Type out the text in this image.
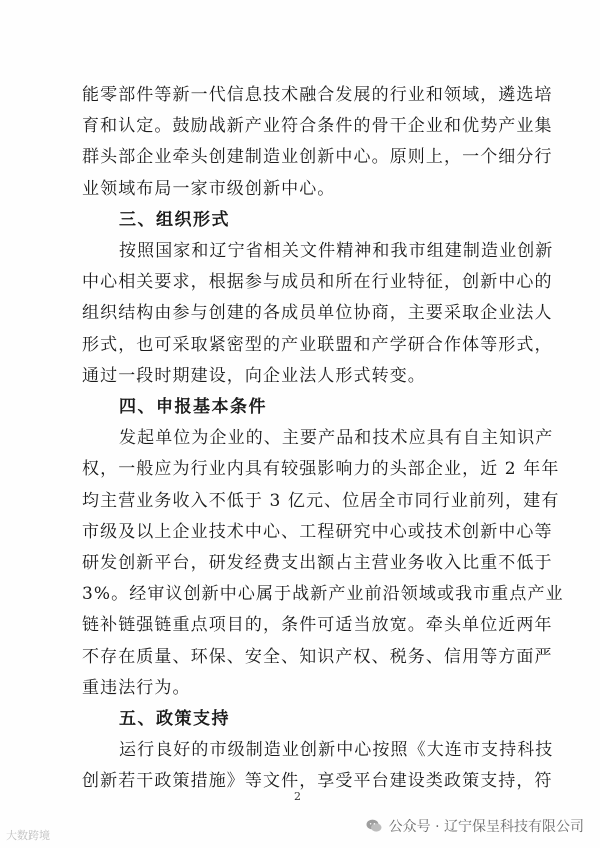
能零部件等新一代信息技术融合发展的行业和领域，遴选培
育和认定。鼓励战新产业符合条件的骨干企业和优势产业集
群头部企业牵头创建制造业创新中心。原则上，一个细分行
业领域布局一家市级创新中心。
三、组织形式
按照国家和辽宁省相关文件精神和我市组建制造业创新
中心相关要求，根据参与成员和所在行业特征，创新中心的
组织结构由参与创建的各成员单位协商，主要采取企业法人
形式，也可采取紧密型的产业联盟和产学研合作体等形式，
通过一段时期建设，向企业法人形式转变。
四、申报基本条件
发起单位为企业的、主要产品和技术应具有自主知识产
权，一般应为行业内具有较强影响力的头部企业，近 2 年年
均主营业务收入不低于 3 亿元、位居全市同行业前列，建有
市级及以上企业技术中心、工程研究中心或技术创新中心等
研发创新平台，研发经费支出额占主营业务收入比重不低于
3%。经审议创新中心属于战新产业前沿领域或我市重点产业
链补链强链重点项目的，条件可适当放宽。牵头单位近两年
不存在质量、环保、安全、知识产权、税务、信用等方面严
重违法行为。
五、政策支持
运行良好的市级制造业创新中心按照《大连市支持科技
创新若干政策措施》等文件，享受平台建设类政策支持，符
2
大数跨境
公众号 · 辽宁保呈科技有限公司
